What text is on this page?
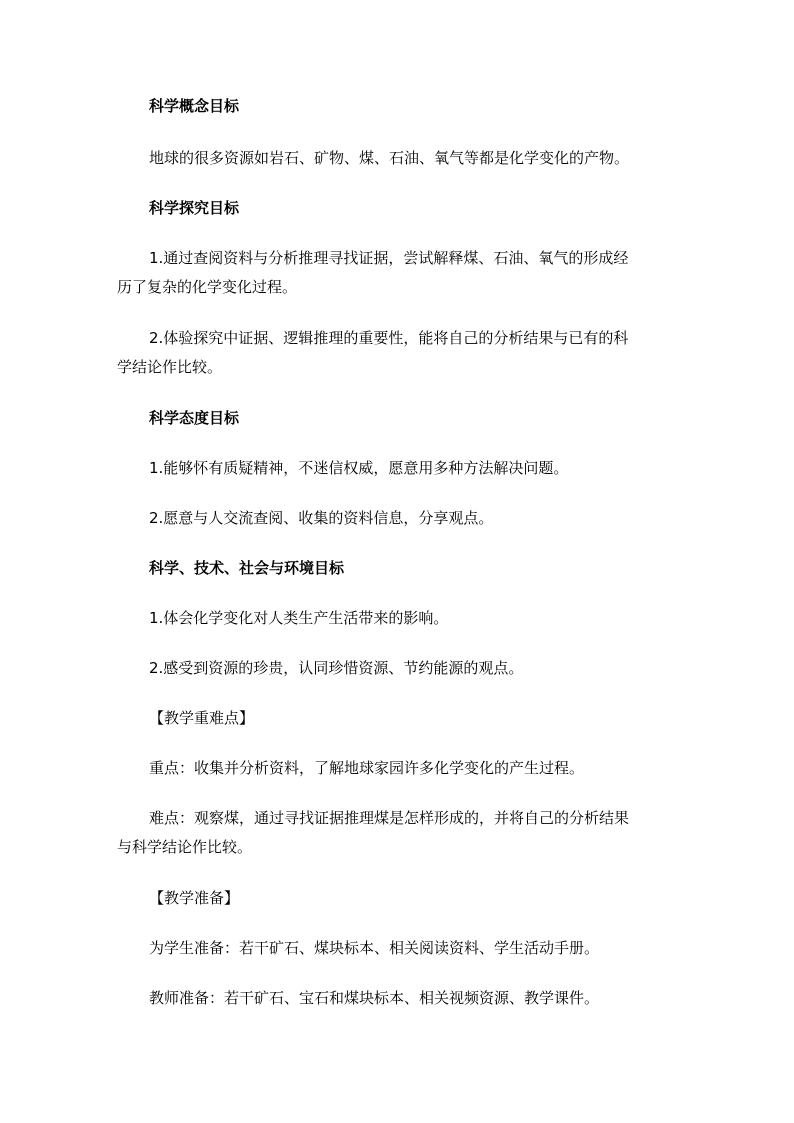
科学概念目标
地球的很多资源如岩石、矿物、煤、石油、氧气等都是化学变化的产物。
科学探究目标
1.通过查阅资料与分析推理寻找证据，尝试解释煤、石油、氧气的形成经
历了复杂的化学变化过程。
2.体验探究中证据、逻辑推理的重要性，能将自己的分析结果与已有的科
学结论作比较。
科学态度目标
1.能够怀有质疑精神，不迷信权威，愿意用多种方法解决问题。
2.愿意与人交流查阅、收集的资料信息，分享观点。
科学、技术、社会与环境目标
1.体会化学变化对人类生产生活带来的影响。
2.感受到资源的珍贵，认同珍惜资源、节约能源的观点。
【教学重难点】
重点：收集并分析资料，了解地球家园许多化学变化的产生过程。
难点：观察煤，通过寻找证据推理煤是怎样形成的，并将自己的分析结果
与科学结论作比较。
【教学准备】
为学生准备：若干矿石、煤块标本、相关阅读资料、学生活动手册。
教师准备：若干矿石、宝石和煤块标本、相关视频资源、教学课件。
